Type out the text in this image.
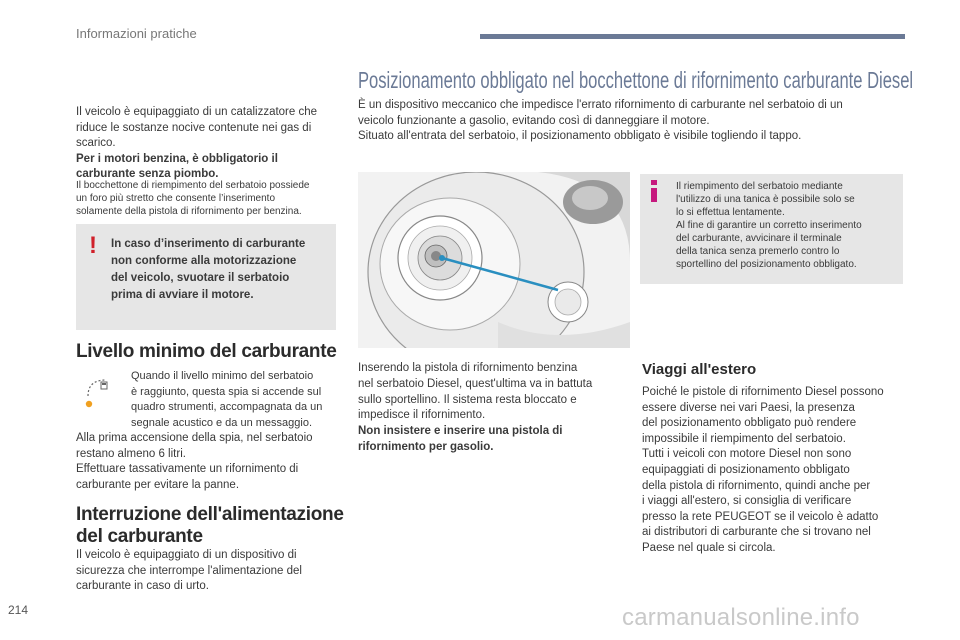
Informazioni pratiche
Il veicolo è equipaggiato di un catalizzatore che
riduce le sostanze nocive contenute nei gas di
scarico.
Per i motori benzina, è obbligatorio il
carburante senza piombo.
Il bocchettone di riempimento del serbatoio possiede
un foro più stretto che consente l’inserimento
solamente della pistola di rifornimento per benzina.
! In caso d’inserimento di carburante
non conforme alla motorizzazione
del veicolo, svuotare il serbatoio
prima di avviare il motore.
Livello minimo del carburante
Quando il livello minimo del serbatoio
è raggiunto, questa spia si accende sul
quadro strumenti, accompagnata da un
segnale acustico e da un messaggio.
Alla prima accensione della spia, nel serbatoio
restano almeno 6 litri.
Effettuare tassativamente un rifornimento di
carburante per evitare la panne.
Interruzione dell'alimentazione
del carburante
Il veicolo è equipaggiato di un dispositivo di
sicurezza che interrompe l'alimentazione del
carburante in caso di urto.
Posizionamento obbligato nel bocchettone di rifornimento carburante Diesel
È un dispositivo meccanico che impedisce l'errato rifornimento di carburante nel serbatoio di un
veicolo funzionante a gasolio, evitando così di danneggiare il motore.
Situato all'entrata del serbatoio, il posizionamento obbligato è visibile togliendo il tappo.
Il riempimento del serbatoio mediante
l'utilizzo di una tanica è possibile solo se
lo si effettua lentamente.
Al fine di garantire un corretto inserimento
del carburante, avvicinare il terminale
della tanica senza premerlo contro lo
sportellino del posizionamento obbligato.
Inserendo la pistola di rifornimento benzina
nel serbatoio Diesel, quest'ultima va in battuta
sullo sportellino. Il sistema resta bloccato e
impedisce il rifornimento.
Non insistere e inserire una pistola di
rifornimento per gasolio.
Viaggi all'estero
Poiché le pistole di rifornimento Diesel possono
essere diverse nei vari Paesi, la presenza
del posizionamento obbligato può rendere
impossibile il riempimento del serbatoio.
Tutti i veicoli con motore Diesel non sono
equipaggiati di posizionamento obbligato
della pistola di rifornimento, quindi anche per
i viaggi all'estero, si consiglia di verificare
presso la rete PEUGEOT se il veicolo è adatto
ai distributori di carburante che si trovano nel
Paese nel quale si circola.
214	carmanualsonline.info
